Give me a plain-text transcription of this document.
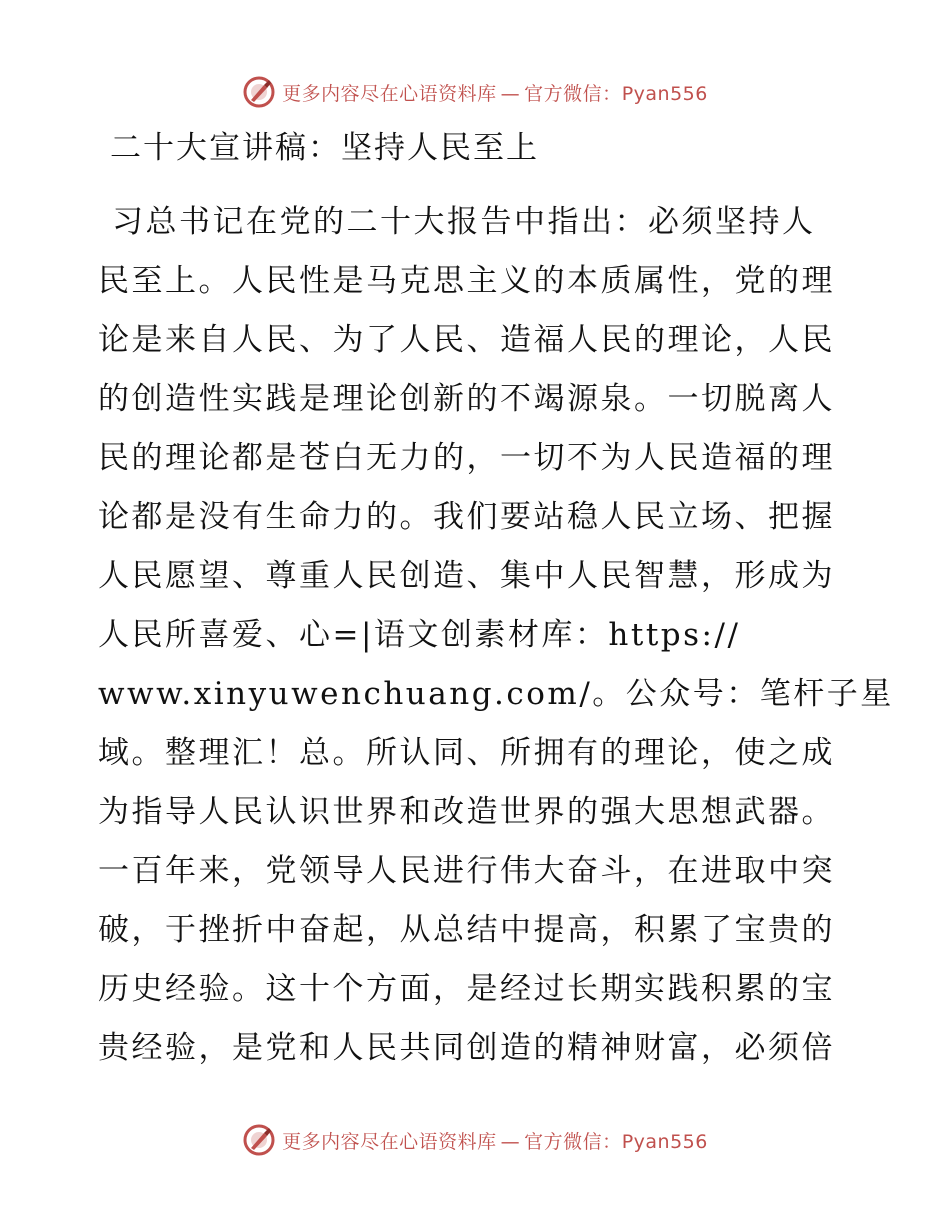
更多内容尽在心语资料库 — 官方微信：Pyan556
二十大宣讲稿：坚持人民至上
习总书记在党的二十大报告中指出：必须坚持人
民至上。人民性是马克思主义的本质属性，党的理
论是来自人民、为了人民、造福人民的理论，人民
的创造性实践是理论创新的不竭源泉。一切脱离人
民的理论都是苍白无力的，一切不为人民造福的理
论都是没有生命力的。我们要站稳人民立场、把握
人民愿望、尊重人民创造、集中人民智慧，形成为
人民所喜爱、心=|语文创素材库：https://
www.xinyuwenchuang.com/。公众号：笔杆子星
域。整理汇！总。所认同、所拥有的理论，使之成
为指导人民认识世界和改造世界的强大思想武器。
一百年来，党领导人民进行伟大奋斗，在进取中突
破，于挫折中奋起，从总结中提高，积累了宝贵的
历史经验。这十个方面，是经过长期实践积累的宝
贵经验，是党和人民共同创造的精神财富，必须倍
更多内容尽在心语资料库 — 官方微信：Pyan556
